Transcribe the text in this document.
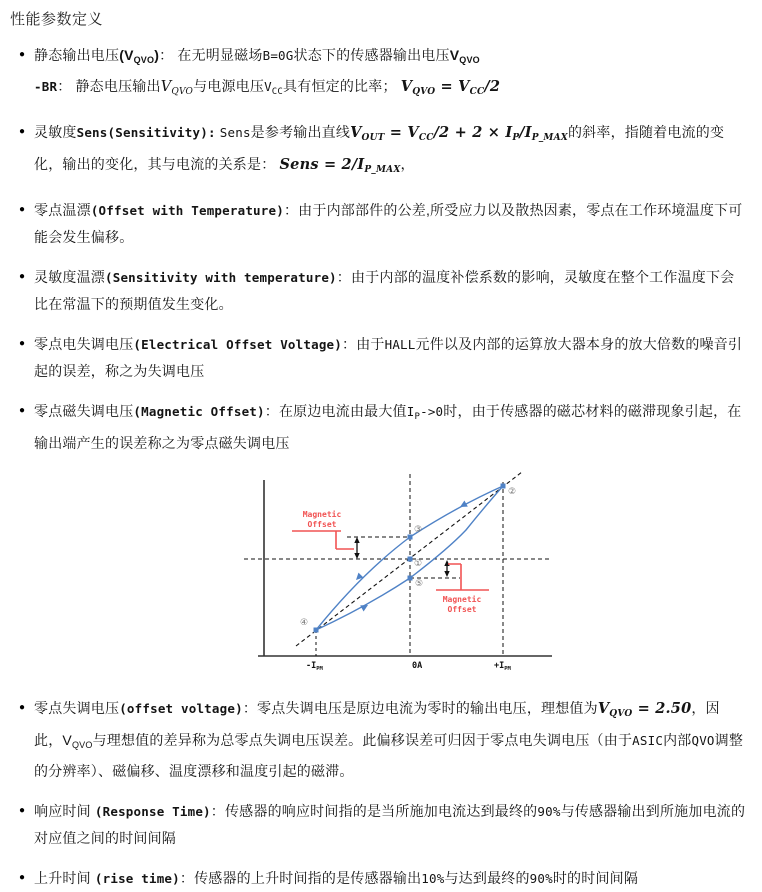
性能参数定义
● 静态输出电压$(V_{QVO})$： 在无明显磁场B=0G状态下的传感器输出电压$V_{QVO}$
-BR： 静态电压输出$V_{QVO}$与电源电压$V_{CC}$具有恒定的比率； $V_{QVO} = V_{CC}/2$
● 灵敏度Sens(Sensitivity): Sens是参考输出直线$V_{OUT} = V_{CC}/2 + 2 \times I_P/I_{P\_MAX}$的斜率，指随着电流的变化，输出的变化，其与电流的关系是： Sens = $2/I_{P\_MAX}$，
● 零点温漂(Offset with Temperature)：由于内部部件的公差,所受应力以及散热因素，零点在工作环境温度下可能会发生偏移。
● 灵敏度温漂(Sensitivity with temperature)：由于内部的温度补偿系数的影响，灵敏度在整个工作温度下会比在常温下的预期值发生变化。
● 零点电失调电压(Electrical Offset Voltage)：由于HALL元件以及内部的运算放大器本身的放大倍数的噪音引起的误差，称之为失调电压
● 零点磁失调电压(Magnetic Offset)：在原边电流由最大值$I_P->0$时，由于传感器的磁芯材料的磁滞现象引起，在输出端产生的误差称之为零点磁失调电压
②
③
①
⑤
④
Magnetic
Offset
Magnetic
Offset
$-I_{PM}$	0A	$+I_{PM}$
● 零点失调电压(offset voltage)：零点失调电压是原边电流为零时的输出电压，理想值为$V_{QVO} = 2.50$，因此，$V_{QVO}$与理想值的差异称为总零点失调电压误差。此偏移误差可归因于零点电失调电压（由于ASIC内部QVO调整的分辨率）、磁偏移、温度漂移和温度引起的磁滞。
● 响应时间 (Response Time)：传感器的响应时间指的是当所施加电流达到最终的90%与传感器输出到所施加电流的对应值之间的时间间隔
● 上升时间 (rise time)：传感器的上升时间指的是传感器输出10%与达到最终的90%时的时间间隔
